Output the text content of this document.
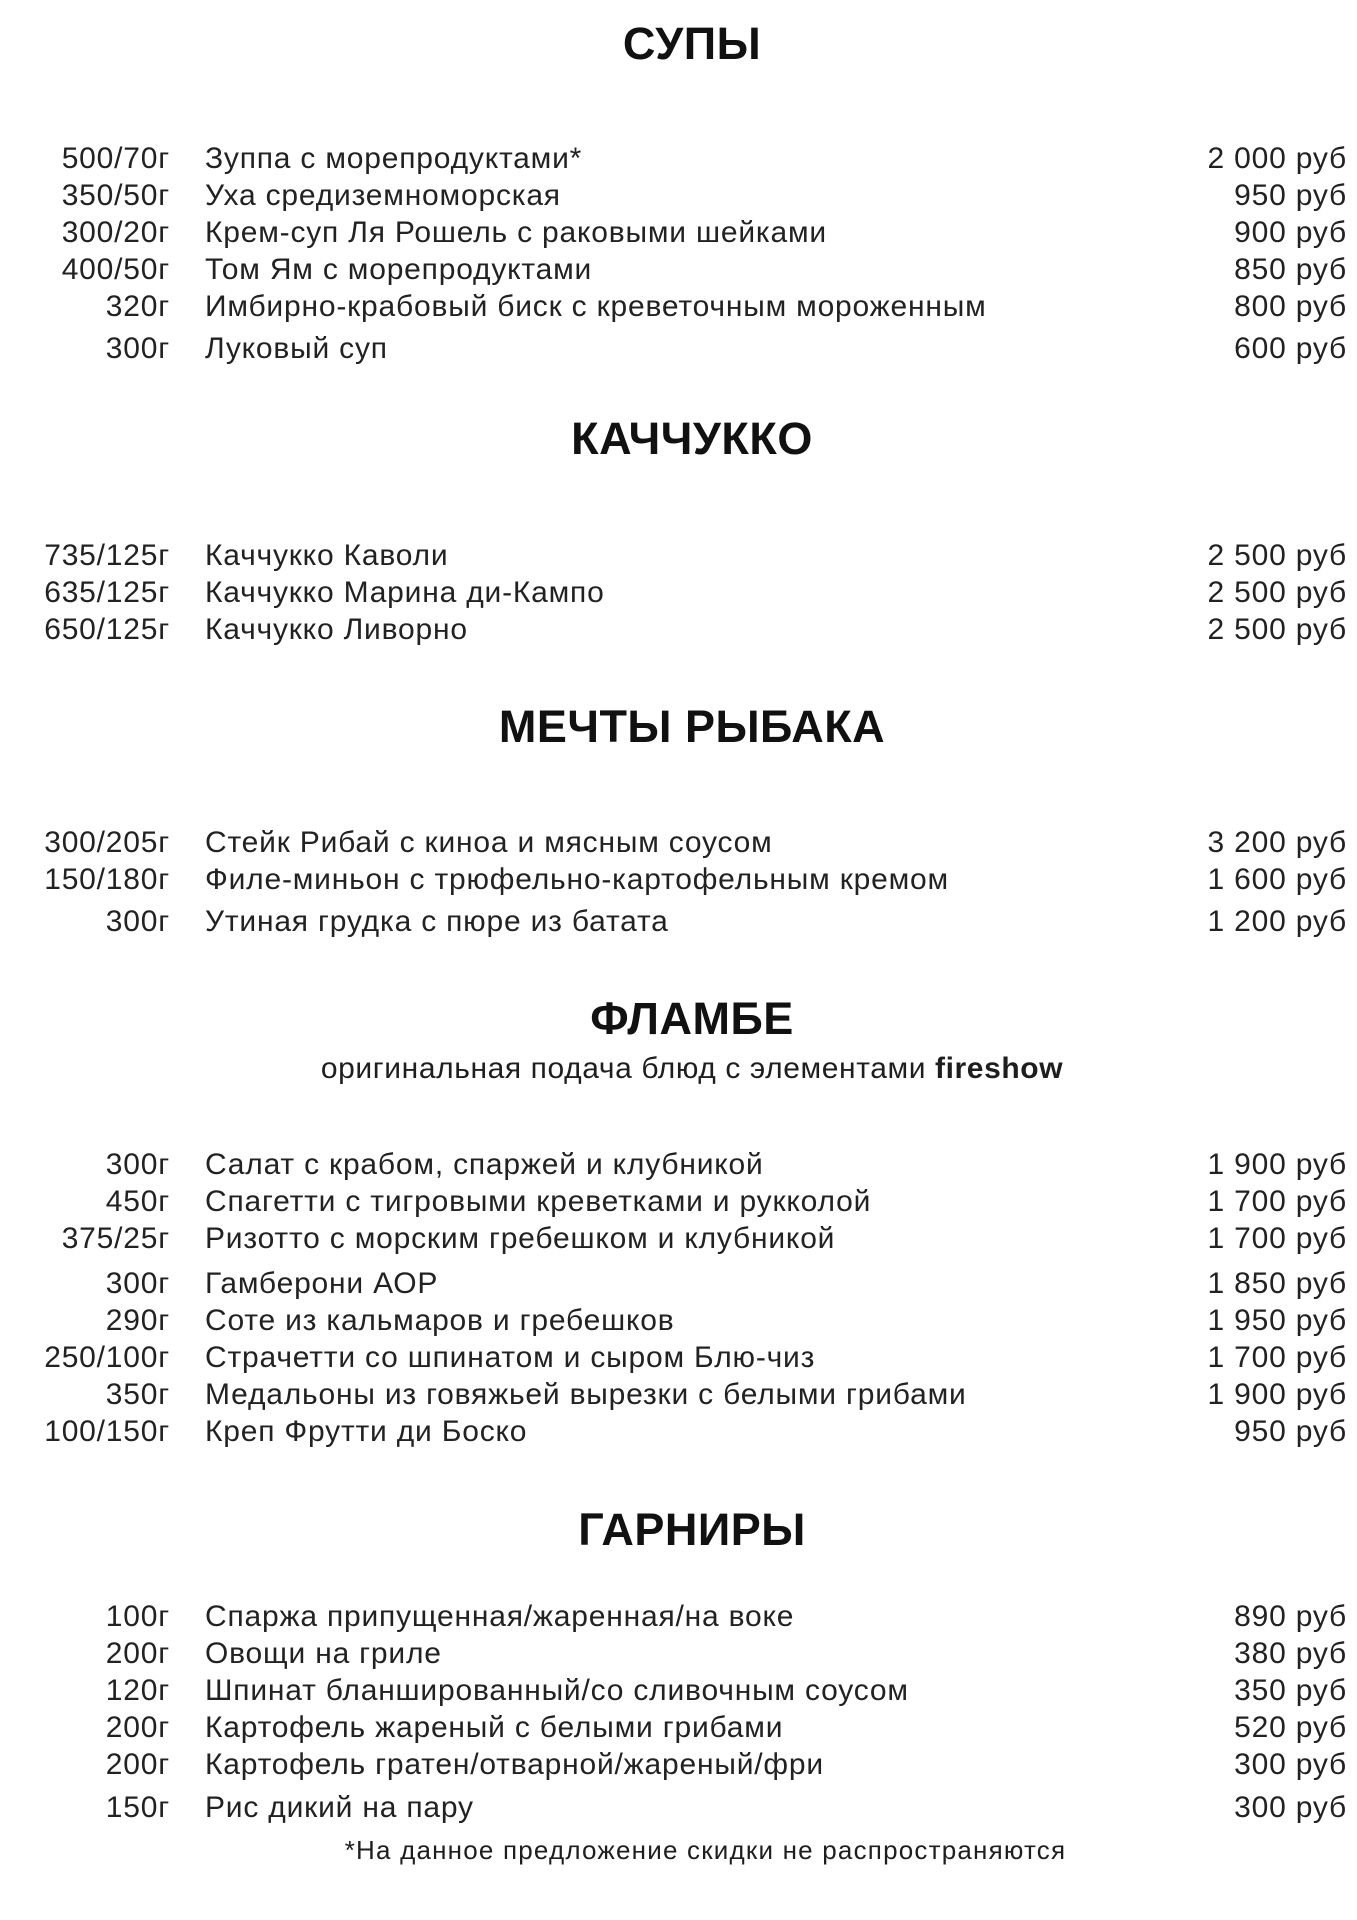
СУПЫ
500/70г	Зуппа с морепродуктами*	2 000 руб
350/50г	Уха средиземноморская	950 руб
300/20г	Крем-суп Ля Рошель с раковыми шейками	900 руб
400/50г	Том Ям с морепродуктами	850 руб
320г	Имбирно-крабовый биск с креветочным мороженным	800 руб
300г	Луковый суп	600 руб
КАЧЧУККО
735/125г	Каччукко Каволи	2 500 руб
635/125г	Каччукко Марина ди-Кампо	2 500 руб
650/125г	Каччукко Ливорно	2 500 руб
МЕЧТЫ РЫБАКА
300/205г	Стейк Рибай с киноа и мясным соусом	3 200 руб
150/180г	Филе-миньон с трюфельно-картофельным кремом	1 600 руб
300г	Утиная грудка с пюре из батата	1 200 руб
ФЛАМБЕ
оригинальная подача блюд с элементами fireshow
300г	Салат с крабом, спаржей и клубникой	1 900 руб
450г	Спагетти с тигровыми креветками и рукколой	1 700 руб
375/25г	Ризотто с морским гребешком и клубникой	1 700 руб
300г	Гамберони АОР	1 850 руб
290г	Соте из кальмаров и гребешков	1 950 руб
250/100г	Страчетти со шпинатом и сыром Блю-чиз	1 700 руб
350г	Медальоны из говяжьей вырезки с белыми грибами	1 900 руб
100/150г	Креп Фрутти ди Боско	950 руб
ГАРНИРЫ
100г	Спаржа припущенная/жаренная/на воке	890 руб
200г	Овощи на гриле	380 руб
120г	Шпинат бланшированный/со сливочным соусом	350 руб
200г	Картофель жареный с белыми грибами	520 руб
200г	Картофель гратен/отварной/жареный/фри	300 руб
150г	Рис дикий на пару	300 руб
*На данное предложение скидки не распространяются
